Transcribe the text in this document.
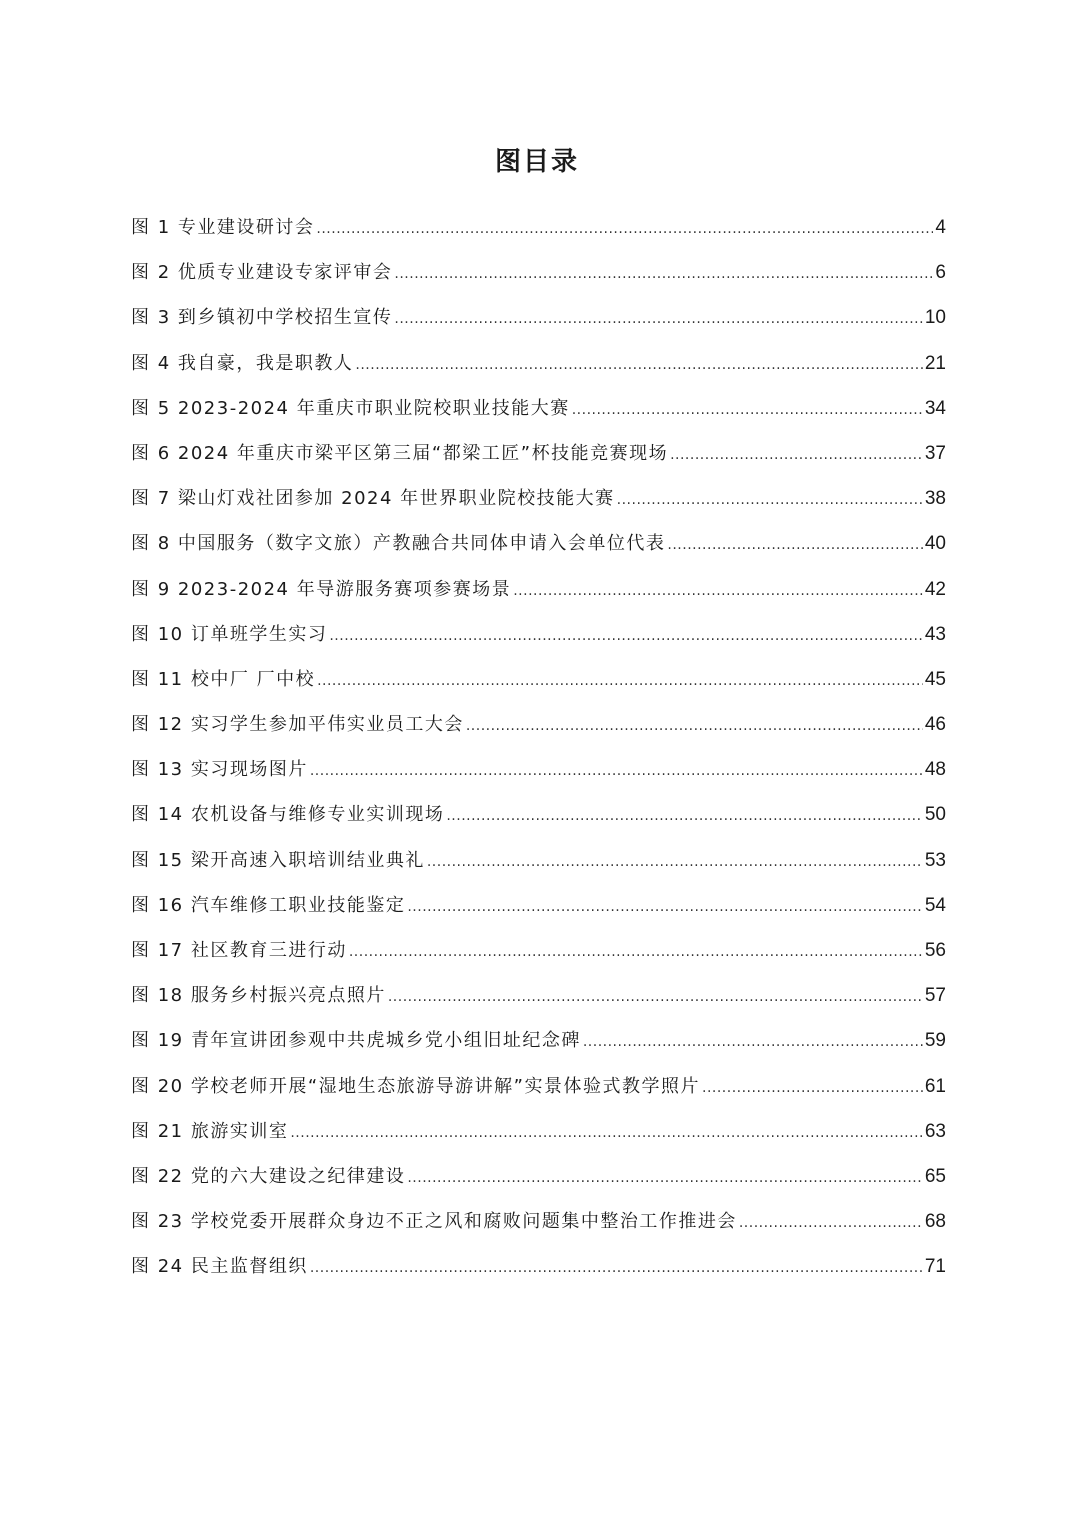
图目录
图 1 专业建设研讨会 .....	4
图 2 优质专业建设专家评审会 .....	6
图 3 到乡镇初中学校招生宣传 .....	10
图 4 我自豪，我是职教人 .....	21
图 5 2023-2024 年重庆市职业院校职业技能大赛 .....	34
图 6 2024 年重庆市梁平区第三届“都梁工匠”杯技能竞赛现场 .....	37
图 7 梁山灯戏社团参加 2024 年世界职业院校技能大赛 .....	38
图 8 中国服务（数字文旅）产教融合共同体申请入会单位代表 .....	40
图 9 2023-2024 年导游服务赛项参赛场景 .....	42
图 10 订单班学生实习 .....	43
图 11 校中厂 厂中校 .....	45
图 12 实习学生参加平伟实业员工大会 .....	46
图 13 实习现场图片 .....	48
图 14 农机设备与维修专业实训现场 .....	50
图 15 梁开高速入职培训结业典礼 .....	53
图 16 汽车维修工职业技能鉴定 .....	54
图 17 社区教育三进行动 .....	56
图 18 服务乡村振兴亮点照片 .....	57
图 19 青年宣讲团参观中共虎城乡党小组旧址纪念碑 .....	59
图 20 学校老师开展“湿地生态旅游导游讲解”实景体验式教学照片 .....	61
图 21 旅游实训室 .....	63
图 22 党的六大建设之纪律建设 .....	65
图 23 学校党委开展群众身边不正之风和腐败问题集中整治工作推进会 .....	68
图 24 民主监督组织 .....	71
